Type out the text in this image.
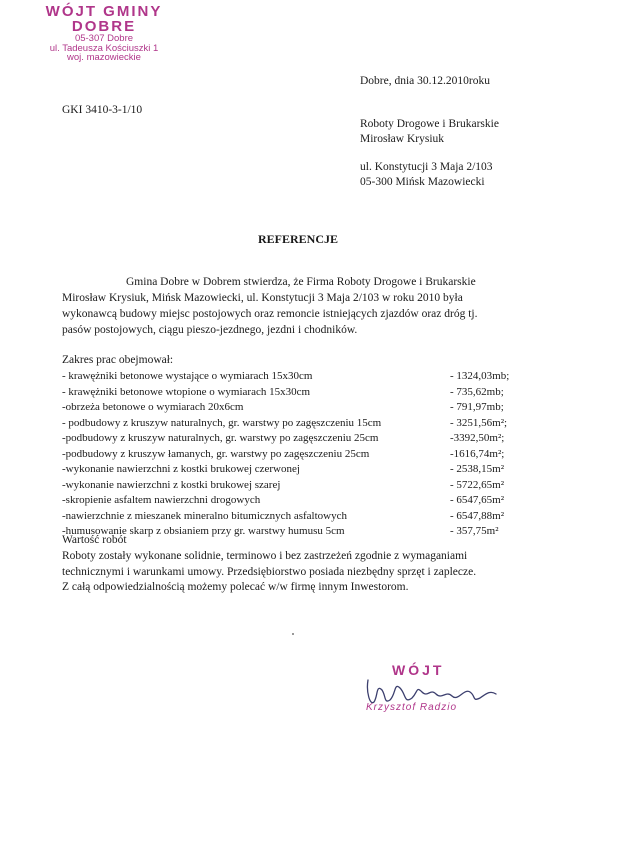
WÓJT GMINY
DOBRE
05-307 Dobre
ul. Tadeusza Kościuszki 1
woj. mazowieckie
Dobre, dnia 30.12.2010roku
GKI 3410-3-1/10
Roboty Drogowe i Brukarskie
Mirosław Krysiuk
ul. Konstytucji 3 Maja 2/103
05-300 Mińsk Mazowiecki
REFERENCJE
Gmina Dobre w Dobrem stwierdza, że Firma Roboty Drogowe i Brukarskie
Mirosław Krysiuk, Mińsk Mazowiecki, ul. Konstytucji 3 Maja 2/103 w roku 2010 była
wykonawcą budowy miejsc postojowych oraz remoncie istniejących zjazdów oraz dróg tj.
pasów postojowych, ciągu pieszo-jezdnego, jezdni i chodników.
Zakres prac obejmował:
- krawężniki betonowe wystające o wymiarach 15x30cm	- 1324,03mb;
- krawężniki betonowe wtopione o wymiarach 15x30cm	- 735,62mb;
-obrzeża betonowe o wymiarach 20x6cm	- 791,97mb;
- podbudowy z kruszyw naturalnych, gr. warstwy po zagęszczeniu 15cm	- 3251,56m²;
-podbudowy z kruszyw naturalnych, gr. warstwy po zagęszczeniu 25cm	-3392,50m²;
-podbudowy z kruszyw łamanych, gr. warstwy po zagęszczeniu 25cm	-1616,74m²;
-wykonanie nawierzchni z kostki brukowej czerwonej	- 2538,15m²
-wykonanie nawierzchni z kostki brukowej szarej	- 5722,65m²
-skropienie asfaltem nawierzchni drogowych	- 6547,65m²
-nawierzchnie z mieszanek mineralno bitumicznych asfaltowych	- 6547,88m²
-humusowanie skarp z obsianiem przy gr. warstwy humusu 5cm	- 357,75m²
Wartość robót
Roboty zostały wykonane solidnie, terminowo i bez zastrzeżeń zgodnie z wymaganiami
technicznymi i warunkami umowy. Przedsiębiorstwo posiada niezbędny sprzęt i zaplecze.
Z całą odpowiedzialnością możemy polecać w/w firmę innym Inwestorom.
WÓJT
Krzysztof Radzio
